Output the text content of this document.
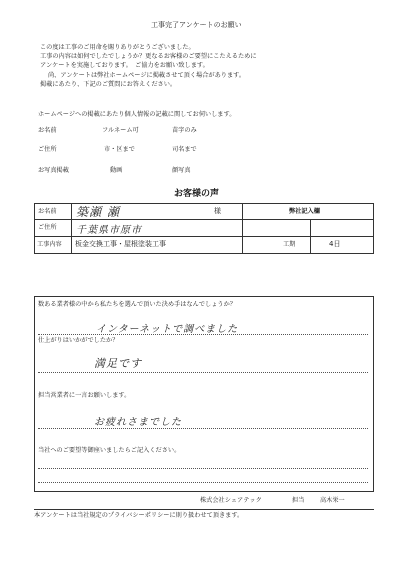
工事完了アンケートのお願い
この度は工事のご用命を賜りありがとうございました。
工事の内容は如何でしたでしょうか？更なるお客様のご要望にこたえるために
アンケートを実施しております。　ご協力をお願い致します。
尚、アンケートは弊社ホームページに掲載させて頂く場合があります。
掲載にあたり、下記のご質問にお答えください。
ホームページへの掲載にあたり個人情報の記載に関してお伺いします。
お名前	フルネーム可	苗字のみ
ご住所	市・区まで	司名まで
お写真掲載	動画	顔写真
お客様の声
お名前 築瀬 瀬	様	弊社記入欄
ご住所 千葉県市原市
工事内容 板金交換工事・屋根塗装工事	工期	4日
数ある業者様の中から私たちを選んで頂いた決め手はなんでしょうか？
インターネットで調べました
仕上がりはいかがでしたか？
満足です
担当営業者に一言お願いします。
お疲れさまでした
当社へのご要望等御座いましたらご記入ください。
株式会社シェアテック	担当	高木栄一
本アンケートは当社規定のプライバシーポリシーに則り扱わせて頂きます。
